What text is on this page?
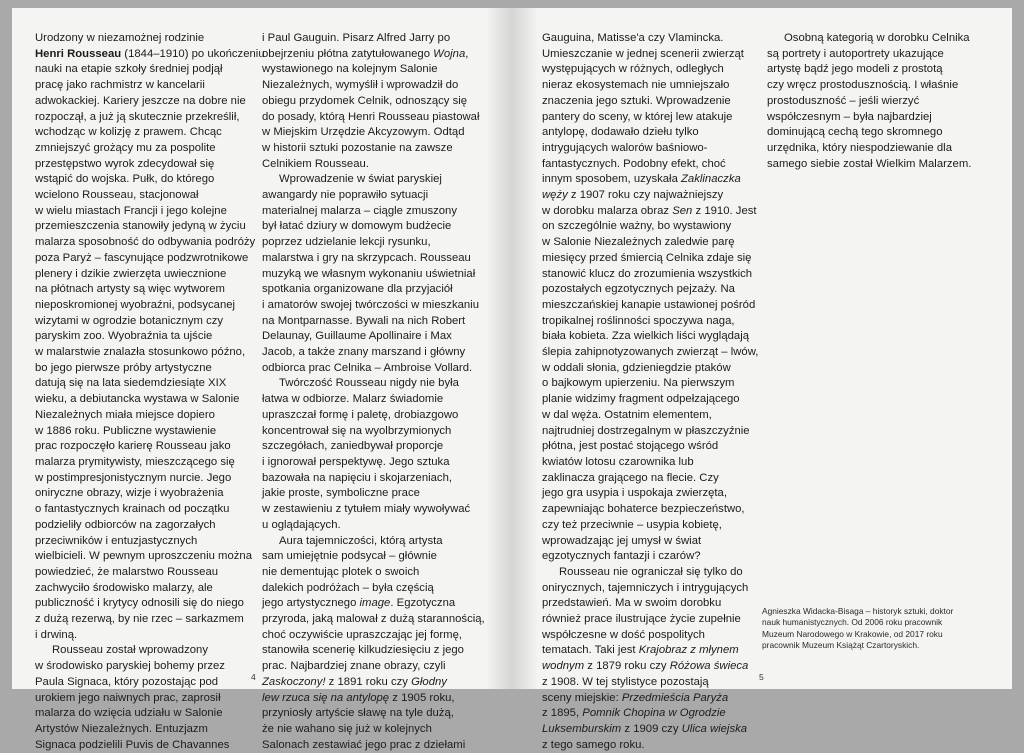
Urodzony w niezamożnej rodzinie
Henri Rousseau (1844–1910) po ukończeniu
nauki na etapie szkoły średniej podjął
pracę jako rachmistrz w kancelarii
adwokackiej. Kariery jeszcze na dobre nie
rozpoczął, a już ją skutecznie przekreślił,
wchodząc w kolizję z prawem. Chcąc
zmniejszyć grożący mu za pospolite
przestępstwo wyrok zdecydował się
wstąpić do wojska. Pułk, do którego
wcielono Rousseau, stacjonował
w wielu miastach Francji i jego kolejne
przemieszczenia stanowiły jedyną w życiu
malarza sposobność do odbywania podróży
poza Paryż – fascynujące podzwrotnikowe
plenery i dzikie zwierzęta uwiecznione
na płótnach artysty są więc wytworem
nieposkromionej wyobraźni, podsycanej
wizytami w ogrodzie botanicznym czy
paryskim zoo. Wyobraźnia ta ujście
w malarstwie znalazła stosunkowo późno,
bo jego pierwsze próby artystyczne
datują się na lata siedemdziesiąte XIX
wieku, a debiutancka wystawa w Salonie
Niezależnych miała miejsce dopiero
w 1886 roku. Publiczne wystawienie
prac rozpoczęło karierę Rousseau jako
malarza prymitywisty, mieszczącego się
w postimpresjonistycznym nurcie. Jego
oniryczne obrazy, wizje i wyobrażenia
o fantastycznych krainach od początku
podzieliły odbiorców na zagorzałych
przeciwników i entuzjastycznych
wielbicieli. W pewnym uproszczeniu można
powiedzieć, że malarstwo Rousseau
zachwyciło środowisko malarzy, ale
publiczność i krytycy odnosili się do niego
z dużą rezerwą, by nie rzec – sarkazmem
i drwiną.
Rousseau został wprowadzony
w środowisko paryskiej bohemy przez
Paula Signaca, który pozostając pod
urokiem jego naiwnych prac, zaprosił
malarza do wzięcia udziału w Salonie
Artystów Niezależnych. Entuzjazm
Signaca podzielili Puvis de Chavannes
i Paul Gauguin. Pisarz Alfred Jarry po
obejrzeniu płótna zatytułowanego Wojna,
wystawionego na kolejnym Salonie
Niezależnych, wymyślił i wprowadził do
obiegu przydomek Celnik, odnoszący się
do posady, którą Henri Rousseau piastował
w Miejskim Urzędzie Akcyzowym. Odtąd
w historii sztuki pozostanie na zawsze
Celnikiem Rousseau.
Wprowadzenie w świat paryskiej
awangardy nie poprawiło sytuacji
materialnej malarza – ciągle zmuszony
był łatać dziury w domowym budżecie
poprzez udzielanie lekcji rysunku,
malarstwa i gry na skrzypcach. Rousseau
muzyką we własnym wykonaniu uświetniał
spotkania organizowane dla przyjaciół
i amatorów swojej twórczości w mieszkaniu
na Montparnasse. Bywali na nich Robert
Delaunay, Guillaume Apollinaire i Max
Jacob, a także znany marszand i główny
odbiorca prac Celnika – Ambroise Vollard.
Twórczość Rousseau nigdy nie była
łatwa w odbiorze. Malarz świadomie
upraszczał formę i paletę, drobiazgowo
koncentrował się na wyolbrzymionych
szczegółach, zaniedbywał proporcje
i ignorował perspektywę. Jego sztuka
bazowała na napięciu i skojarzeniach,
jakie proste, symboliczne prace
w zestawieniu z tytułem miały wywoływać
u oglądających.
Aura tajemniczości, którą artysta
sam umiejętnie podsycał – głównie
nie dementując plotek o swoich
dalekich podróżach – była częścią
jego artystycznego image. Egzotyczna
przyroda, jaką malował z dużą starannością,
choć oczywiście upraszczając jej formę,
stanowiła scenerię kilkudziesięciu z jego
prac. Najbardziej znane obrazy, czyli
Zaskoczony! z 1891 roku czy Głodny
lew rzuca się na antylopę z 1905 roku,
przyniosły artyście sławę na tyle dużą,
że nie wahano się już w kolejnych
Salonach zestawiać jego prac z dziełami
4
Gauguina, Matisse'a czy Vlamincka.
Umieszczanie w jednej scenerii zwierząt
występujących w różnych, odległych
nieraz ekosystemach nie umniejszało
znaczenia jego sztuki. Wprowadzenie
pantery do sceny, w której lew atakuje
antylopę, dodawało dziełu tylko
intrygujących walorów baśniowo-
fantastycznych. Podobny efekt, choć
innym sposobem, uzyskała Zaklinaczka
węży z 1907 roku czy najważniejszy
w dorobku malarza obraz Sen z 1910. Jest
on szczególnie ważny, bo wystawiony
w Salonie Niezależnych zaledwie parę
miesięcy przed śmiercią Celnika zdaje się
stanowić klucz do zrozumienia wszystkich
pozostałych egzotycznych pejzaży. Na
mieszczańskiej kanapie ustawionej pośród
tropikalnej roślinności spoczywa naga,
biała kobieta. Zza wielkich liści wyglądają
ślepia zahipnotyzowanych zwierząt – lwów,
w oddali słonia, gdzieniegdzie ptaków
o bajkowym upierzeniu. Na pierwszym
planie widzimy fragment odpełzającego
w dal węża. Ostatnim elementem,
najtrudniej dostrzegalnym w płaszczyźnie
płótna, jest postać stojącego wśród
kwiatów lotosu czarownika lub
zaklinacza grającego na flecie. Czy
jego gra usypia i uspokaja zwierzęta,
zapewniając bohaterce bezpieczeństwo,
czy też przeciwnie – usypia kobietę,
wprowadzając jej umysł w świat
egzotycznych fantazji i czarów?
Rousseau nie ograniczał się tylko do
onirycznych, tajemniczych i intrygujących
przedstawień. Ma w swoim dorobku
również prace ilustrujące życie zupełnie
współczesne w dość pospolitych
tematach. Taki jest Krajobraz z młynem
wodnym z 1879 roku czy Różowa świeca
z 1908. W tej stylistyce pozostają
sceny miejskie: Przedmieścia Paryża
z 1895, Pomnik Chopina w Ogrodzie
Luksemburskim z 1909 czy Ulica wiejska
z tego samego roku.
Osobną kategorią w dorobku Celnika
są portrety i autoportrety ukazujące
artystę bądź jego modeli z prostotą
czy wręcz prostodusznością. I właśnie
prostoduszność – jeśli wierzyć
współczesnym – była najbardziej
dominującą cechą tego skromnego
urzędnika, który niespodziewanie dla
samego siebie został Wielkim Malarzem.
Agnieszka Widacka-Bisaga – historyk sztuki, doktor
nauk humanistycznych. Od 2006 roku pracownik
Muzeum Narodowego w Krakowie, od 2017 roku
pracownik Muzeum Książąt Czartoryskich.
5
